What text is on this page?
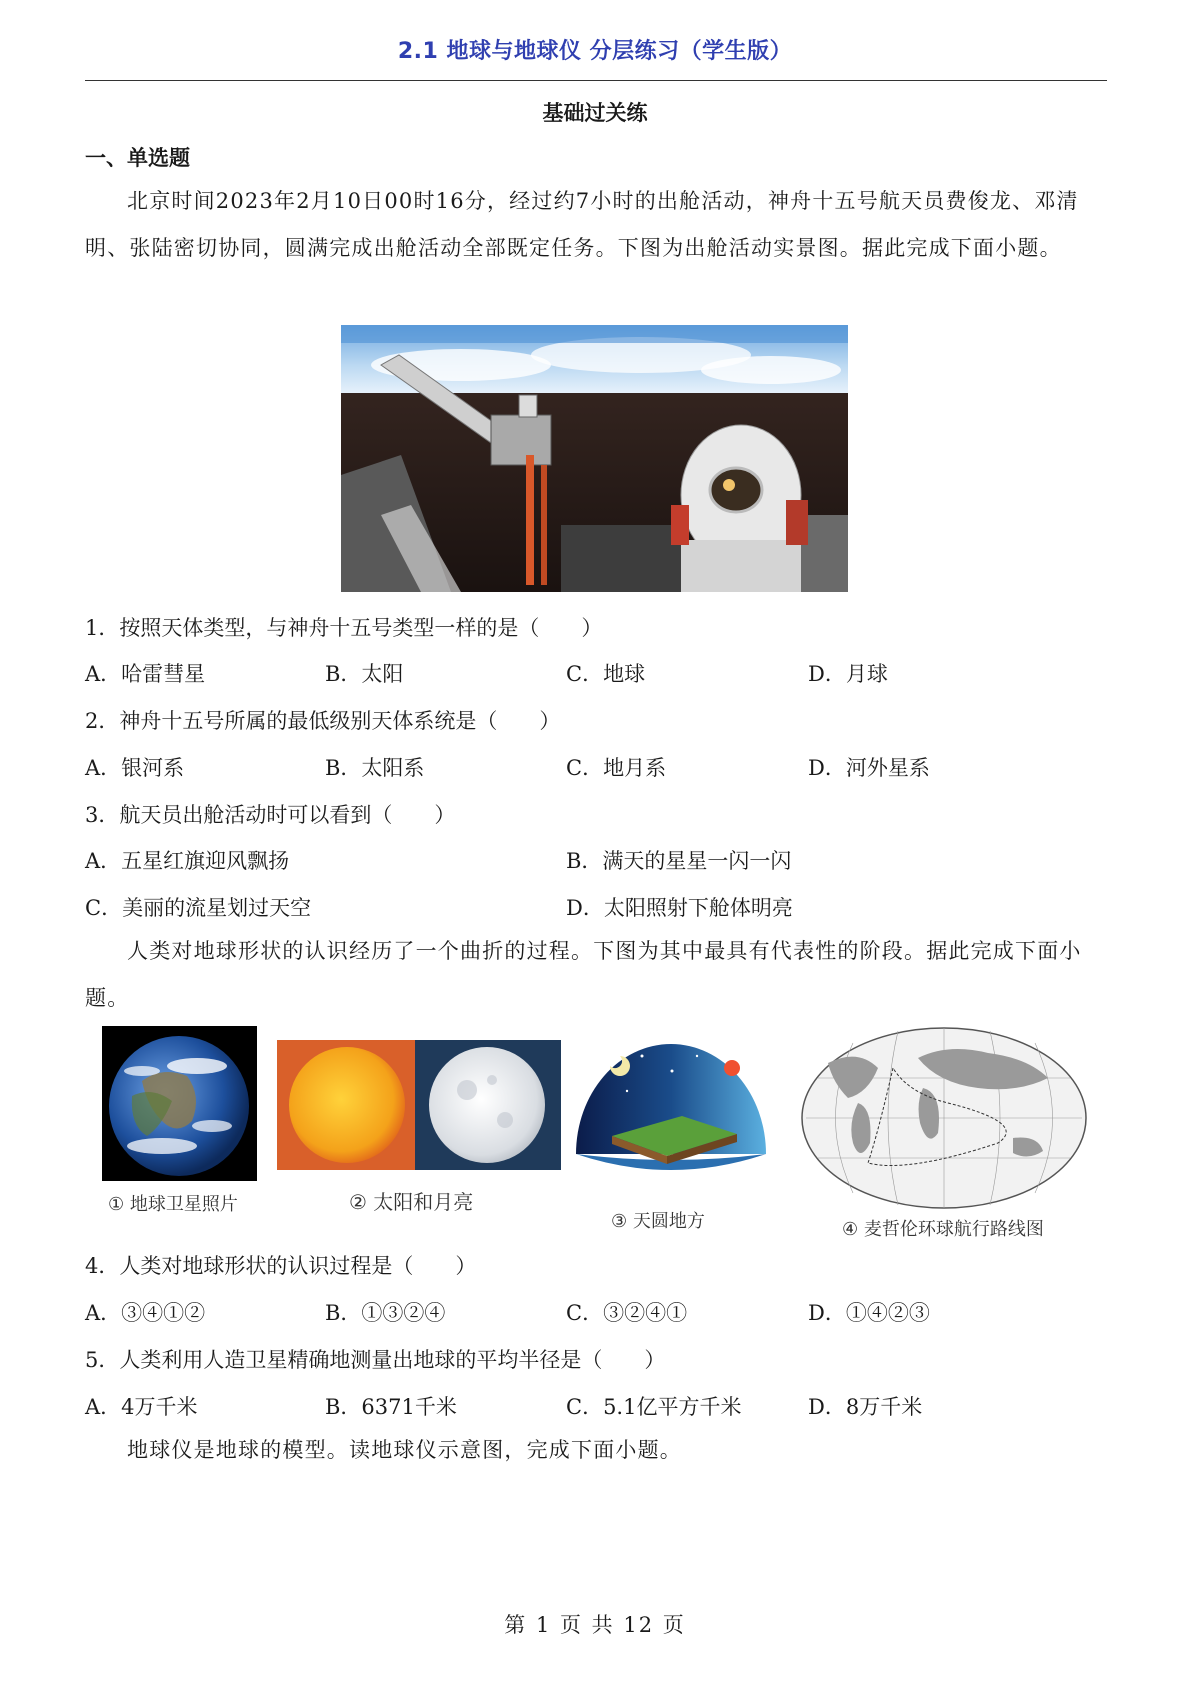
2.1 地球与地球仪 分层练习（学生版）
基础过关练
一、单选题

北京时间2023年2月10日00时16分，经过约7小时的出舱活动，神舟十五号航天员费俊龙、邓清明、张陆密切协同，圆满完成出舱活动全部既定任务。下图为出舱活动实景图。据此完成下面小题。

1．按照天体类型，与神舟十五号类型一样的是（　　）
A．哈雷彗星	B．太阳	C．地球	D．月球
2．神舟十五号所属的最低级别天体系统是（　　）
A．银河系	B．太阳系	C．地月系	D．河外星系
3．航天员出舱活动时可以看到（　　）
A．五星红旗迎风飘扬	B．满天的星星一闪一闪
C．美丽的流星划过天空	D．太阳照射下舱体明亮

人类对地球形状的认识经历了一个曲折的过程。下图为其中最具有代表性的阶段。据此完成下面小题。

① 地球卫星照片	② 太阳和月亮
③ 天圆地方	④ 麦哲伦环球航行路线图
4．人类对地球形状的认识过程是（　　）
A．③④①②	B．①③②④	C．③②④①	D．①④②③
5．人类利用人造卫星精确地测量出地球的平均半径是（　　）
A．4万千米	B．6371千米	C．5.1亿平方千米	D．8万千米

地球仪是地球的模型。读地球仪示意图，完成下面小题。

第 1 页 共 12 页
